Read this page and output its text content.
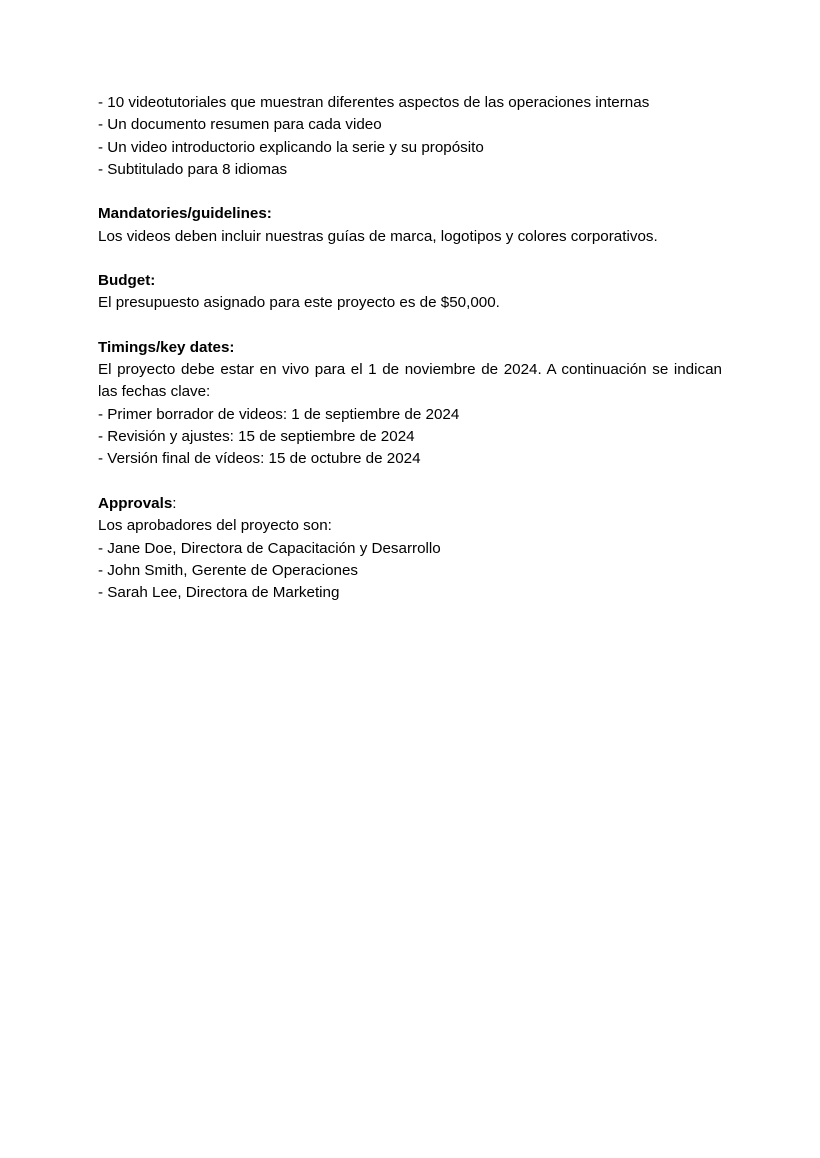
- 10 videotutoriales que muestran diferentes aspectos de las operaciones internas
- Un documento resumen para cada video
- Un video introductorio explicando la serie y su propósito
- Subtitulado para 8 idiomas
Mandatories/guidelines:
Los videos deben incluir nuestras guías de marca, logotipos y colores corporativos.
Budget:
El presupuesto asignado para este proyecto es de $50,000.
Timings/key dates:
El proyecto debe estar en vivo para el 1 de noviembre de 2024. A continuación se indican las fechas clave:
- Primer borrador de videos: 1 de septiembre de 2024
- Revisión y ajustes: 15 de septiembre de 2024
- Versión final de vídeos: 15 de octubre de 2024
Approvals:
Los aprobadores del proyecto son:
- Jane Doe, Directora de Capacitación y Desarrollo
- John Smith, Gerente de Operaciones
- Sarah Lee, Directora de Marketing
